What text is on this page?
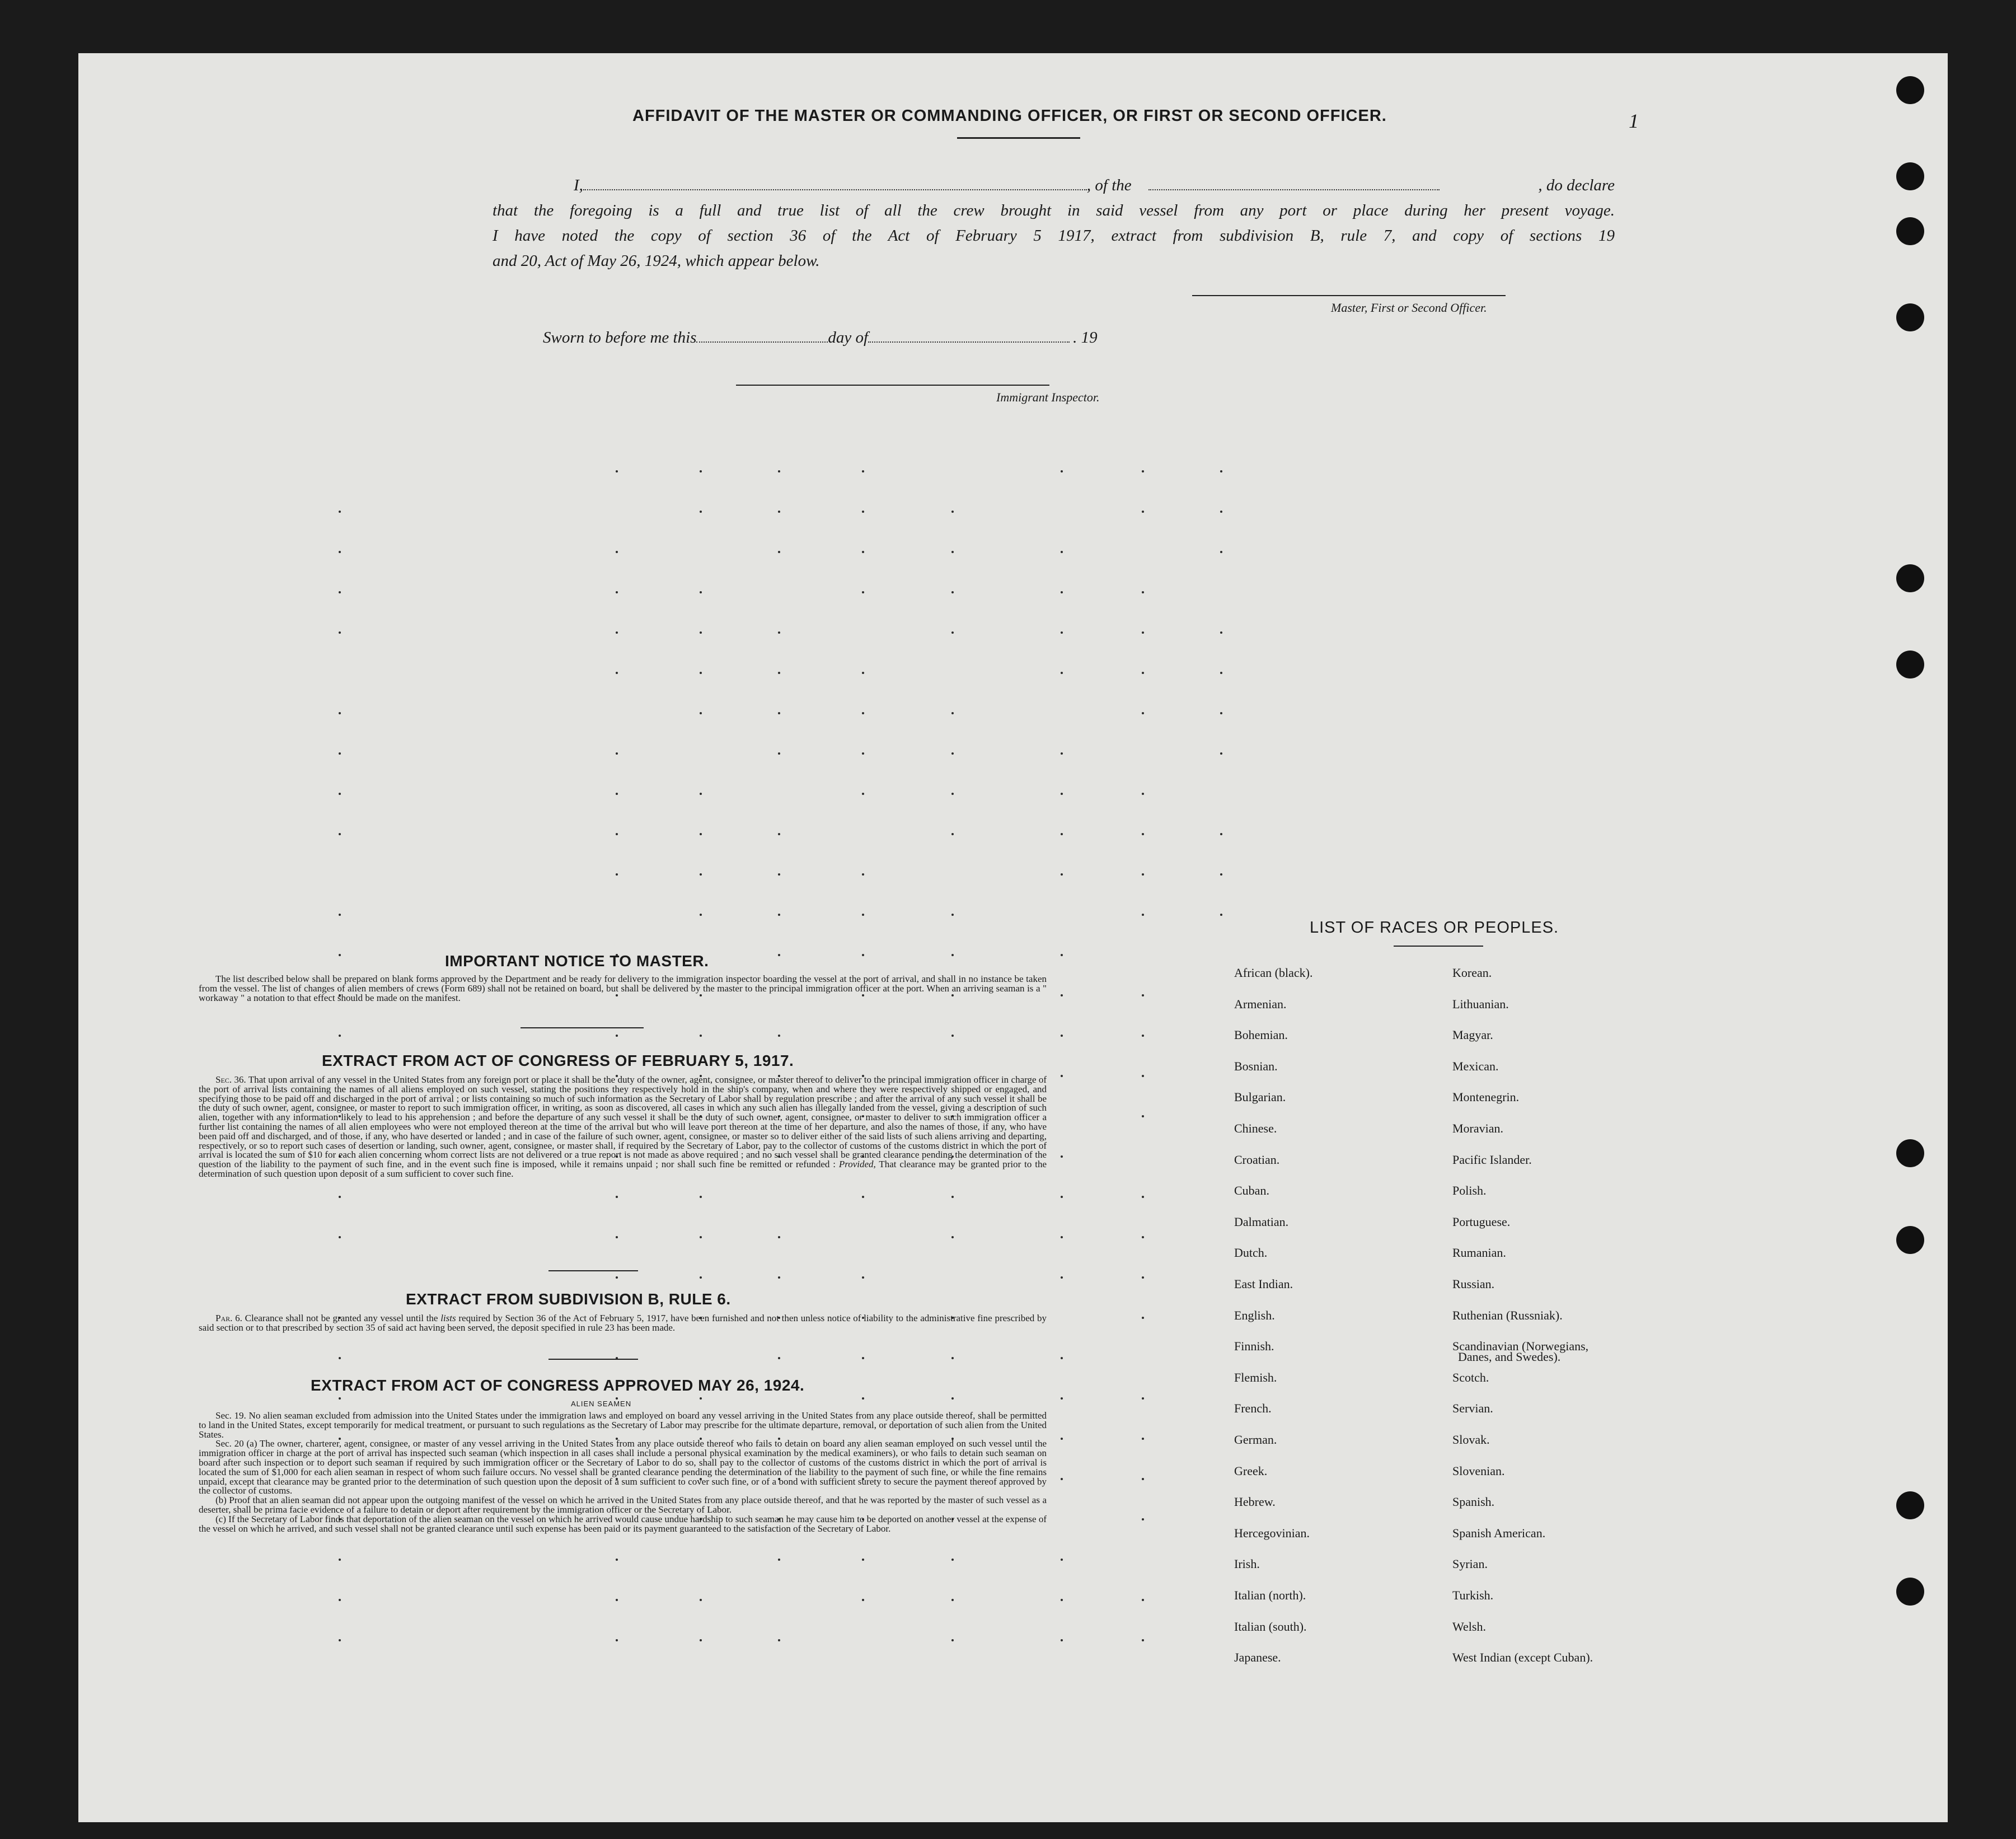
1
AFFIDAVIT OF THE MASTER OR COMMANDING OFFICER, OR FIRST OR SECOND OFFICER.
I,	, of the	, do declare
that the foregoing is a full and true list of all the crew brought in said vessel from any port or place during her present voyage.
I have noted the copy of section 36 of the Act of February 5 1917, extract from subdivision B, rule 7, and copy of sections 19
and 20, Act of May 26, 1924, which appear below.
Master, First or Second Officer.
Sworn to before me this	day of	. 19
Immigrant Inspector.
IMPORTANT NOTICE TO MASTER.
The list described below shall be prepared on blank forms approved by the Department and be ready for delivery to the immigration inspector boarding the vessel at the port of arrival, and shall in no instance be taken from the vessel. The list of changes of alien members of crews (Form 689) shall not be retained on board, but shall be delivered by the master to the principal immigration officer at the port. When an arriving seaman is a " workaway " a notation to that effect should be made on the manifest.
EXTRACT FROM ACT OF CONGRESS OF FEBRUARY 5, 1917.
Sec. 36. That upon arrival of any vessel in the United States from any foreign port or place it shall be the duty of the owner, agent, consignee, or master thereof to deliver to the principal immigration officer in charge of the port of arrival lists containing the names of all aliens employed on such vessel, stating the positions they respectively hold in the ship's company, when and where they were respectively shipped or engaged, and specifying those to be paid off and discharged in the port of arrival ; or lists containing so much of such information as the Secretary of Labor shall by regulation prescribe ; and after the arrival of any such vessel it shall be the duty of such owner, agent, consignee, or master to report to such immigration officer, in writing, as soon as discovered, all cases in which any such alien has illegally landed from the vessel, giving a description of such alien, together with any information likely to lead to his apprehension ; and before the departure of any such vessel it shall be the duty of such owner, agent, consignee, or master to deliver to such immigration officer a further list containing the names of all alien employees who were not employed thereon at the time of the arrival but who will leave port thereon at the time of her departure, and also the names of those, if any, who have been paid off and discharged, and of those, if any, who have deserted or landed ; and in case of the failure of such owner, agent, consignee, or master so to deliver either of the said lists of such aliens arriving and departing, respectively, or so to report such cases of desertion or landing, such owner, agent, consignee, or master shall, if required by the Secretary of Labor, pay to the collector of customs of the customs district in which the port of arrival is located the sum of $10 for each alien concerning whom correct lists are not delivered or a true report is not made as above required ; and no such vessel shall be granted clearance pending the determination of the question of the liability to the payment of such fine, and in the event such fine is imposed, while it remains unpaid ; nor shall such fine be remitted or refunded : Provided, That clearance may be granted prior to the determination of such question upon deposit of a sum sufficient to cover such fine.
EXTRACT FROM SUBDIVISION B, RULE 6.
Par. 6. Clearance shall not be granted any vessel until the lists required by Section 36 of the Act of February 5, 1917, have been furnished and not then unless notice of liability to the administrative fine prescribed by said section or to that prescribed by section 35 of said act having been served, the deposit specified in rule 23 has been made.
EXTRACT FROM ACT OF CONGRESS APPROVED MAY 26, 1924.
ALIEN SEAMEN
Sec. 19. No alien seaman excluded from admission into the United States under the immigration laws and employed on board any vessel arriving in the United States from any place outside thereof, shall be permitted to land in the United States, except temporarily for medical treatment, or pursuant to such regulations as the Secretary of Labor may prescribe for the ultimate departure, removal, or deportation of such alien from the United States.
Sec. 20 (a) The owner, charterer, agent, consignee, or master of any vessel arriving in the United States from any place outside thereof who fails to detain on board any alien seaman employed on such vessel until the immigration officer in charge at the port of arrival has inspected such seaman (which inspection in all cases shall include a personal physical examination by the medical examiners), or who fails to detain such seaman on board after such inspection or to deport such seaman if required by such immigration officer or the Secretary of Labor to do so, shall pay to the collector of customs of the customs district in which the port of arrival is located the sum of $1,000 for each alien seaman in respect of whom such failure occurs. No vessel shall be granted clearance pending the determination of the liability to the payment of such fine, or while the fine remains unpaid, except that clearance may be granted prior to the determination of such question upon the deposit of a sum sufficient to cover such fine, or of a bond with sufficient surety to secure the payment thereof approved by the collector of customs.
(b) Proof that an alien seaman did not appear upon the outgoing manifest of the vessel on which he arrived in the United States from any place outside thereof, and that he was reported by the master of such vessel as a deserter, shall be prima facie evidence of a failure to detain or deport after requirement by the immigration officer or the Secretary of Labor.
(c) If the Secretary of Labor finds that deportation of the alien seaman on the vessel on which he arrived would cause undue hardship to such seaman he may cause him to be deported on another vessel at the expense of the vessel on which he arrived, and such vessel shall not be granted clearance until such expense has been paid or its payment guaranteed to the satisfaction of the Secretary of Labor.
LIST OF RACES OR PEOPLES.
African (black).
Armenian.
Bohemian.
Bosnian.
Bulgarian.
Chinese.
Croatian.
Cuban.
Dalmatian.
Dutch.
East Indian.
English.
Finnish.
Flemish.
French.
German.
Greek.
Hebrew.
Hercegovinian.
Irish.
Italian (north).
Italian (south).
Japanese.
Korean.
Lithuanian.
Magyar.
Mexican.
Montenegrin.
Moravian.
Pacific Islander.
Polish.
Portuguese.
Rumanian.
Russian.
Ruthenian (Russniak).
Scandinavian (Norwegians,
Scotch.
Servian.
Slovak.
Slovenian.
Spanish.
Spanish American.
Syrian.
Turkish.
Welsh.
West Indian (except Cuban).
Danes, and Swedes).
